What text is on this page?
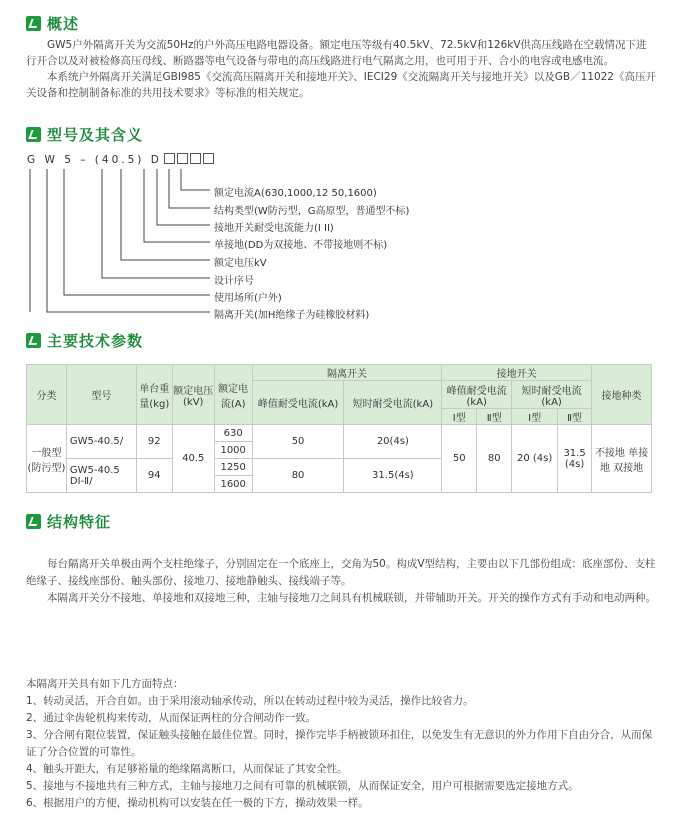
概述

GW5户外隔离开关为交流50Hz的户外高压电路电器设备。额定电压等级有40.5kV、72.5kV和126kV供高压线路在空载情况下进行开合以及对被检修高压母线、断路器等电气设备与带电的高压线路进行电气隔离之用，也可用于开、合小的电容或电感电流。

本系统户外隔离开关满足GBI985《交流高压隔离开关和接地开关》、IECI29《交流隔离开关与接地开关》以及GB／11022《高压开关设备和控制制备标准的共用技术要求》等标准的相关规定。

型号及其含义
G W 5 – (40.5) D
额定电流A(630,1000,12 50,1600)
结构类型(W防污型，G高原型，普通型不标)
接地开关耐受电流能力(I II)
单接地(DD为双接地、不带接地则不标)
额定电压kV
设计序号
使用场所(户外)
隔离开关(加H绝缘子为硅橡胶材料)
主要技术参数
分类	型号	单台重量(kg)	额定电压(kV)	额定电流(A)	隔离开关		接地开关				接地种类
					峰值耐受电流(kA)	短时耐受电流(kA)	峰值耐受电流(kA)		短时耐受电流(kA)		
							Ⅰ型	Ⅱ型	Ⅰ型	Ⅱ型	
一般型(防污型)	GW5-40.5/	92	40.5	630	50	20(4s)	50	80	20 (4s)	31.5 (4s)	不接地 单接地 双接地
				1000							
	GW5-40.5 DI-Ⅱ/	94		1250	80	31.5(4s)					
				1600							
结构特征

每台隔离开关单极由两个支柱绝缘子，分别固定在一个底座上，交角为50。构成V型结构，主要由以下几部份组成：底座部份、支柱绝缘子、接线座部份、触头部份、接地刀、接地静触头、接线端子等。

本隔离开关分不接地、单接地和双接地三种，主轴与接地刀之间具有机械联锁，并带辅助开关。开关的操作方式有手动和电动两种。

本隔离开关具有如下几方面特点：
1、转动灵活，开合自如。由于采用滚动轴承传动，所以在转动过程中较为灵活，操作比较省力。
2、通过伞齿轮机构来传动，从而保证两柱的分合闸动作一致。
3、分合闸有限位装置，保证触头接触在最佳位置。同时，操作完毕手柄被锁环扣住，以免发生有无意识的外力作用下自由分合，从而保证了分合位置的可靠性。
4、触头开距大，有足够裕量的绝缘隔离断口，从而保证了其安全性。
5、接地与不接地共有三种方式，主轴与接地刀之间有可靠的机械联锁，从而保证安全，用户可根据需要选定接地方式。
6、根据用户的方便，操动机构可以安装在任一极的下方，操动效果一样。
